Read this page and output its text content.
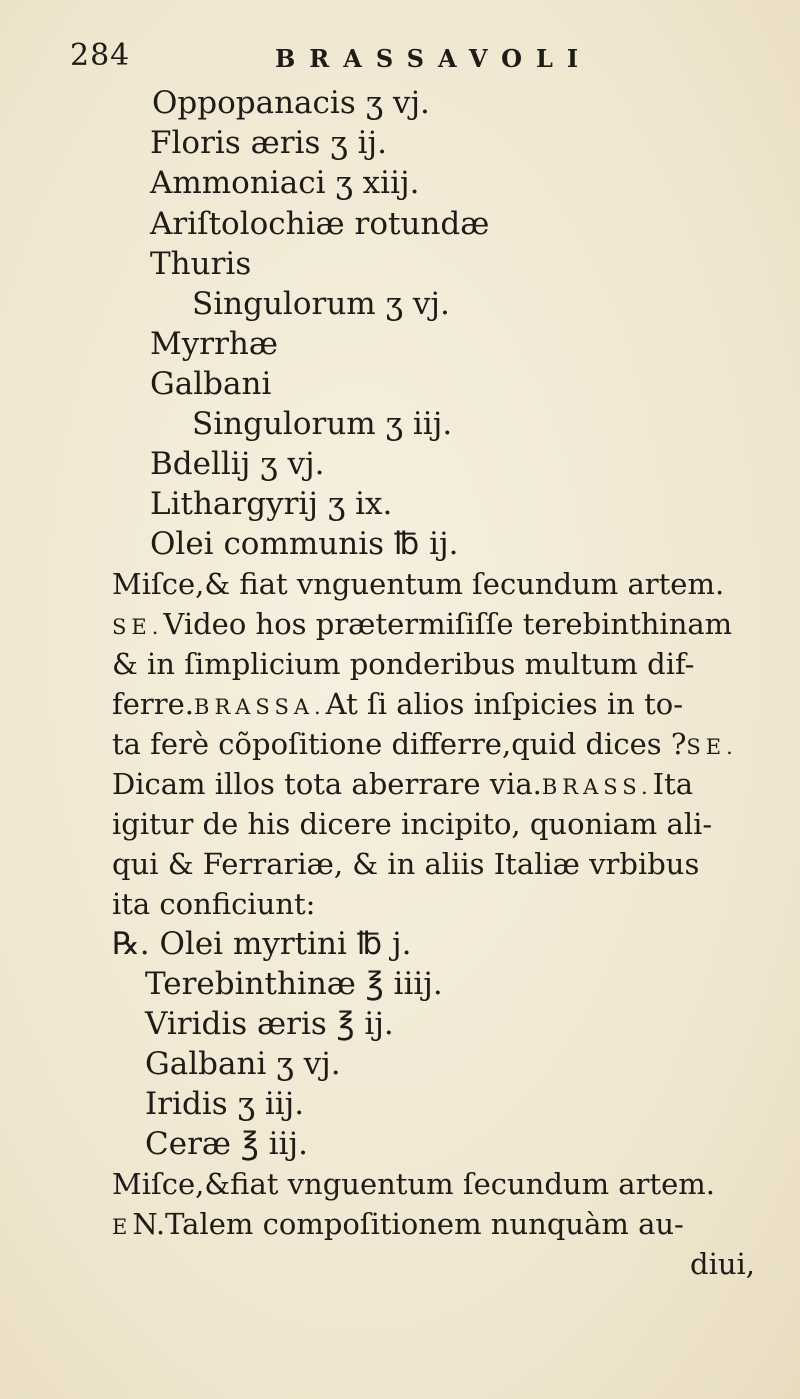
284	BRASSAVOLI
Oppopanacis ʒ vj.
Floris æris ʒ ij.
Ammoniaci ʒ xiij.
Ariſtolochiæ rotundæ
Thuris
Singulorum ʒ vj.
Myrrhæ
Galbani
Singulorum ʒ iij.
Bdellij ʒ vj.
Lithargyrij ʒ ix.
Olei communis ℔ ij.
Miſce,& fiat vnguentum ſecundum artem.
SE.Video hos prætermiſiſſe terebinthinam
& in ſimplicium ponderibus multum dif-
ferre.BRASSA.At ſi alios inſpicies in to-
ta ferè cõpoſitione differre,quid dices ?SE.
Dicam illos tota aberrare via.BRASS.Ita
igitur de his dicere incipito, quoniam ali-
qui & Ferrariæ, & in aliis Italiæ vrbibus
ita conficiunt:
℞. Olei myrtini ℔ j.
Terebinthinæ ℥ iiij.
Viridis æris ℥ ij.
Galbani ʒ vj.
Iridis ʒ iij.
Ceræ ℥ iij.
Miſce,&fiat vnguentum ſecundum artem.
EN.Talem compoſitionem nunquàm au-
diui,
